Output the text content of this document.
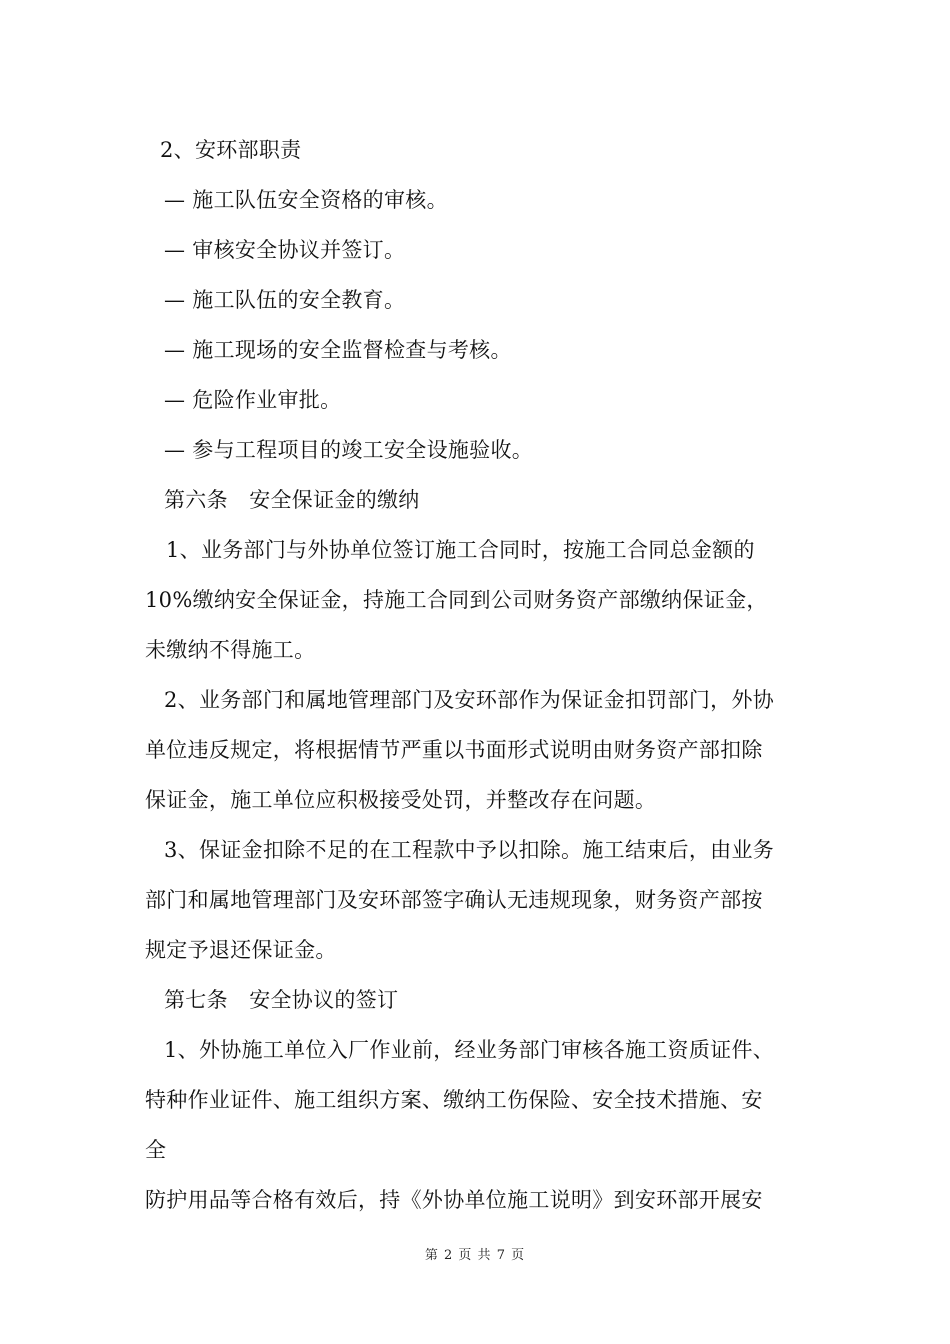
2、安环部职责
— 施工队伍安全资格的审核。
— 审核安全协议并签订。
— 施工队伍的安全教育。
— 施工现场的安全监督检查与考核。
— 危险作业审批。
— 参与工程项目的竣工安全设施验收。
第六条　安全保证金的缴纳
1、业务部门与外协单位签订施工合同时，按施工合同总金额的
10%缴纳安全保证金，持施工合同到公司财务资产部缴纳保证金，
未缴纳不得施工。
2、业务部门和属地管理部门及安环部作为保证金扣罚部门，外协
单位违反规定，将根据情节严重以书面形式说明由财务资产部扣除
保证金，施工单位应积极接受处罚，并整改存在问题。
3、保证金扣除不足的在工程款中予以扣除。施工结束后，由业务
部门和属地管理部门及安环部签字确认无违规现象，财务资产部按
规定予退还保证金。
第七条　安全协议的签订
1、外协施工单位入厂作业前，经业务部门审核各施工资质证件、
特种作业证件、施工组织方案、缴纳工伤保险、安全技术措施、安
全
防护用品等合格有效后，持《外协单位施工说明》到安环部开展安
第 2 页 共 7 页
